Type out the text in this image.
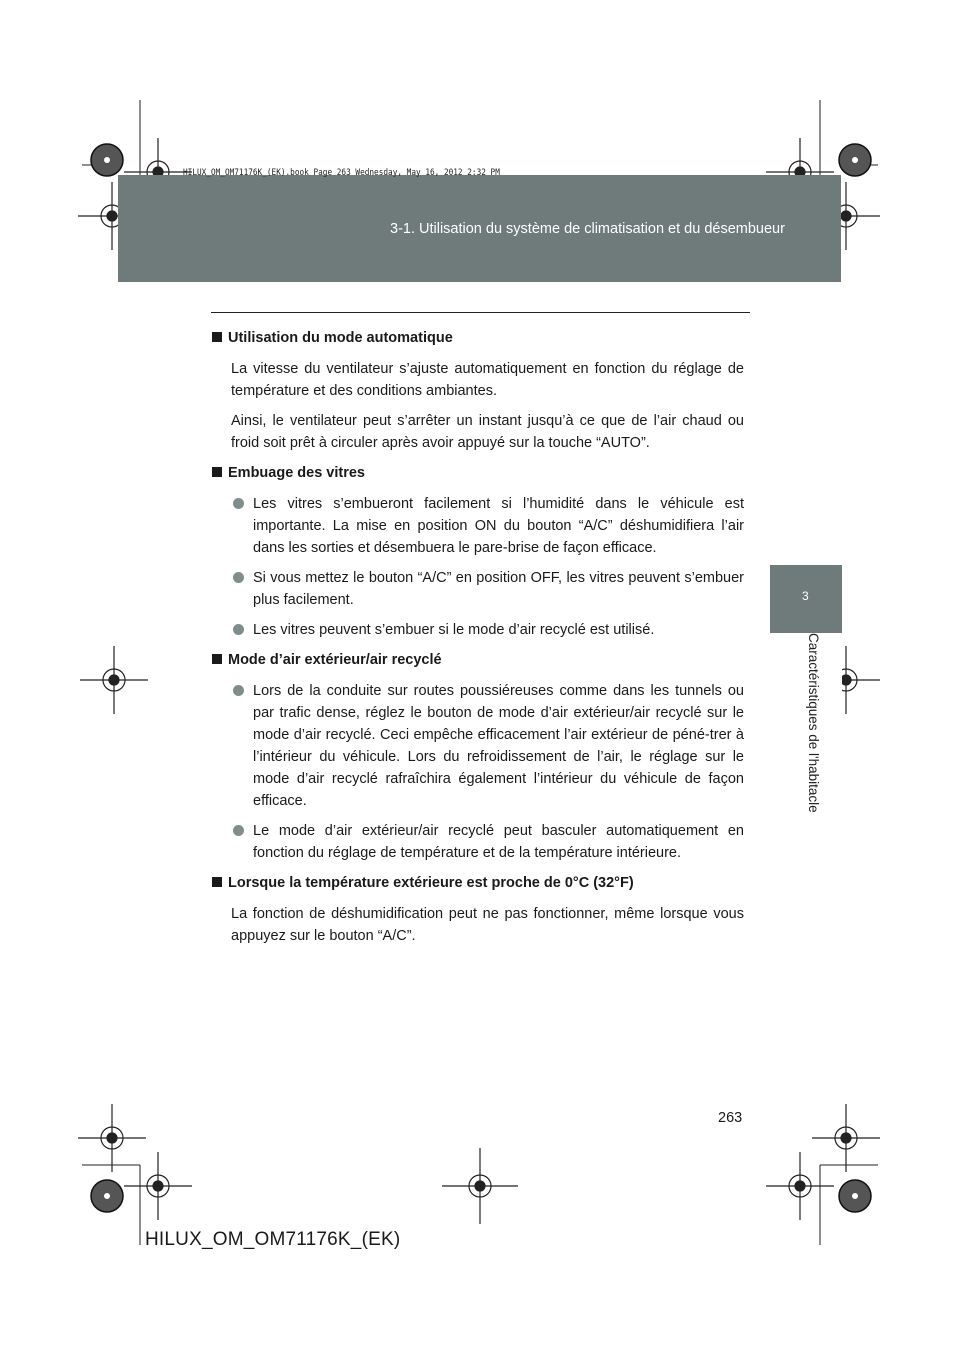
HILUX_OM_OM71176K_(EK).book Page 263 Wednesday, May 16, 2012 2:32 PM
3-1. Utilisation du système de climatisation et du désembueur
3
Caractéristiques de l'habitacle
Utilisation du mode automatique
La vitesse du ventilateur s’ajuste automatiquement en fonction du réglage de température et des conditions ambiantes.
Ainsi, le ventilateur peut s’arrêter un instant jusqu’à ce que de l’air chaud ou froid soit prêt à circuler après avoir appuyé sur la touche “AUTO”.
Embuage des vitres
Les vitres s’embueront facilement si l’humidité dans le véhicule est importante. La mise en position ON du bouton “A/C” déshumidifiera l’air dans les sorties et désembuera le pare-brise de façon efficace.
Si vous mettez le bouton “A/C” en position OFF, les vitres peuvent s’embuer plus facilement.
Les vitres peuvent s’embuer si le mode d’air recyclé est utilisé.
Mode d’air extérieur/air recyclé
Lors de la conduite sur routes poussiéreuses comme dans les tunnels ou par trafic dense, réglez le bouton de mode d’air extérieur/air recyclé sur le mode d’air recyclé. Ceci empêche efficacement l’air extérieur de péné-trer à l’intérieur du véhicule. Lors du refroidissement de l’air, le réglage sur le mode d’air recyclé rafraîchira également l’intérieur du véhicule de façon efficace.
Le mode d’air extérieur/air recyclé peut basculer automatiquement en fonction du réglage de température et de la température intérieure.
Lorsque la température extérieure est proche de 0°C (32°F)
La fonction de déshumidification peut ne pas fonctionner, même lorsque vous appuyez sur le bouton “A/C”.
263
HILUX_OM_OM71176K_(EK)
